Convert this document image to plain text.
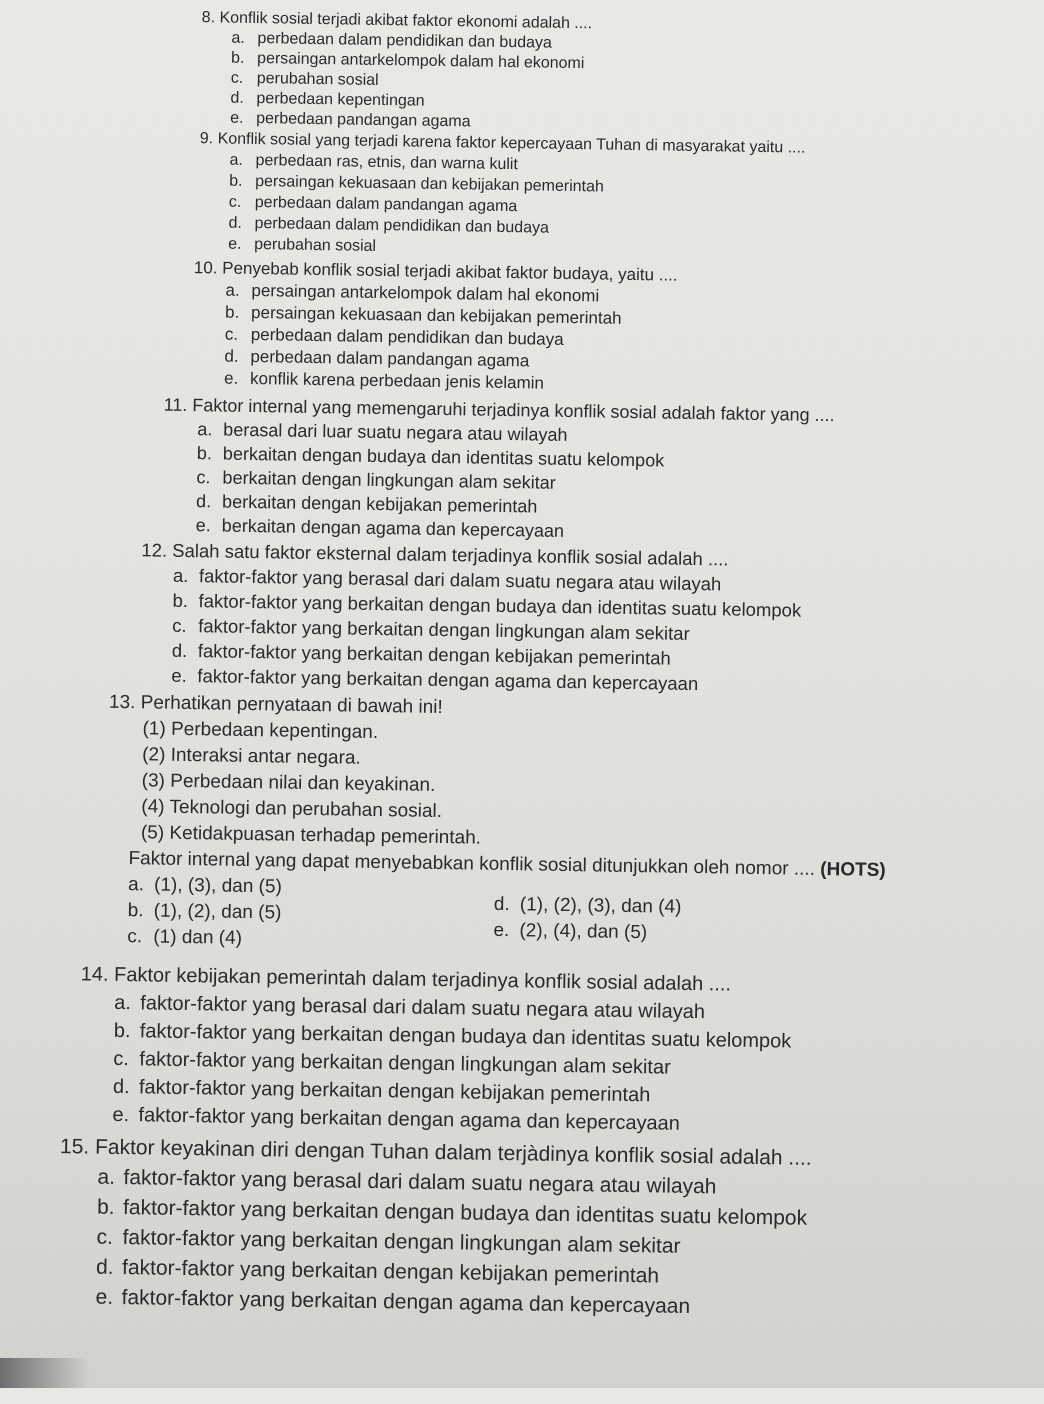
8. Konflik sosial terjadi akibat faktor ekonomi adalah ....
a. perbedaan dalam pendidikan dan budaya
b. persaingan antarkelompok dalam hal ekonomi
c. perubahan sosial
d. perbedaan kepentingan
e. perbedaan pandangan agama
9. Konflik sosial yang terjadi karena faktor kepercayaan Tuhan di masyarakat yaitu ....
a. perbedaan ras, etnis, dan warna kulit
b. persaingan kekuasaan dan kebijakan pemerintah
c. perbedaan dalam pandangan agama
d. perbedaan dalam pendidikan dan budaya
e. perubahan sosial
10. Penyebab konflik sosial terjadi akibat faktor budaya, yaitu ....
a. persaingan antarkelompok dalam hal ekonomi
b. persaingan kekuasaan dan kebijakan pemerintah
c. perbedaan dalam pendidikan dan budaya
d. perbedaan dalam pandangan agama
e. konflik karena perbedaan jenis kelamin
11. Faktor internal yang memengaruhi terjadinya konflik sosial adalah faktor yang ....
a. berasal dari luar suatu negara atau wilayah
b. berkaitan dengan budaya dan identitas suatu kelompok
c. berkaitan dengan lingkungan alam sekitar
d. berkaitan dengan kebijakan pemerintah
e. berkaitan dengan agama dan kepercayaan
12. Salah satu faktor eksternal dalam terjadinya konflik sosial adalah ....
a. faktor-faktor yang berasal dari dalam suatu negara atau wilayah
b. faktor-faktor yang berkaitan dengan budaya dan identitas suatu kelompok
c. faktor-faktor yang berkaitan dengan lingkungan alam sekitar
d. faktor-faktor yang berkaitan dengan kebijakan pemerintah
e. faktor-faktor yang berkaitan dengan agama dan kepercayaan
13. Perhatikan pernyataan di bawah ini!
(1) Perbedaan kepentingan.
(2) Interaksi antar negara.
(3) Perbedaan nilai dan keyakinan.
(4) Teknologi dan perubahan sosial.
(5) Ketidakpuasan terhadap pemerintah.
Faktor internal yang dapat menyebabkan konflik sosial ditunjukkan oleh nomor .... (HOTS)
a. (1), (3), dan (5)
b. (1), (2), dan (5)
c. (1) dan (4)
d. (1), (2), (3), dan (4)
e. (2), (4), dan (5)
14. Faktor kebijakan pemerintah dalam terjadinya konflik sosial adalah ....
a. faktor-faktor yang berasal dari dalam suatu negara atau wilayah
b. faktor-faktor yang berkaitan dengan budaya dan identitas suatu kelompok
c. faktor-faktor yang berkaitan dengan lingkungan alam sekitar
d. faktor-faktor yang berkaitan dengan kebijakan pemerintah
e. faktor-faktor yang berkaitan dengan agama dan kepercayaan
15. Faktor keyakinan diri dengan Tuhan dalam terjàdinya konflik sosial adalah ....
a. faktor-faktor yang berasal dari dalam suatu negara atau wilayah
b. faktor-faktor yang berkaitan dengan budaya dan identitas suatu kelompok
c. faktor-faktor yang berkaitan dengan lingkungan alam sekitar
d. faktor-faktor yang berkaitan dengan kebijakan pemerintah
e. faktor-faktor yang berkaitan dengan agama dan kepercayaan
